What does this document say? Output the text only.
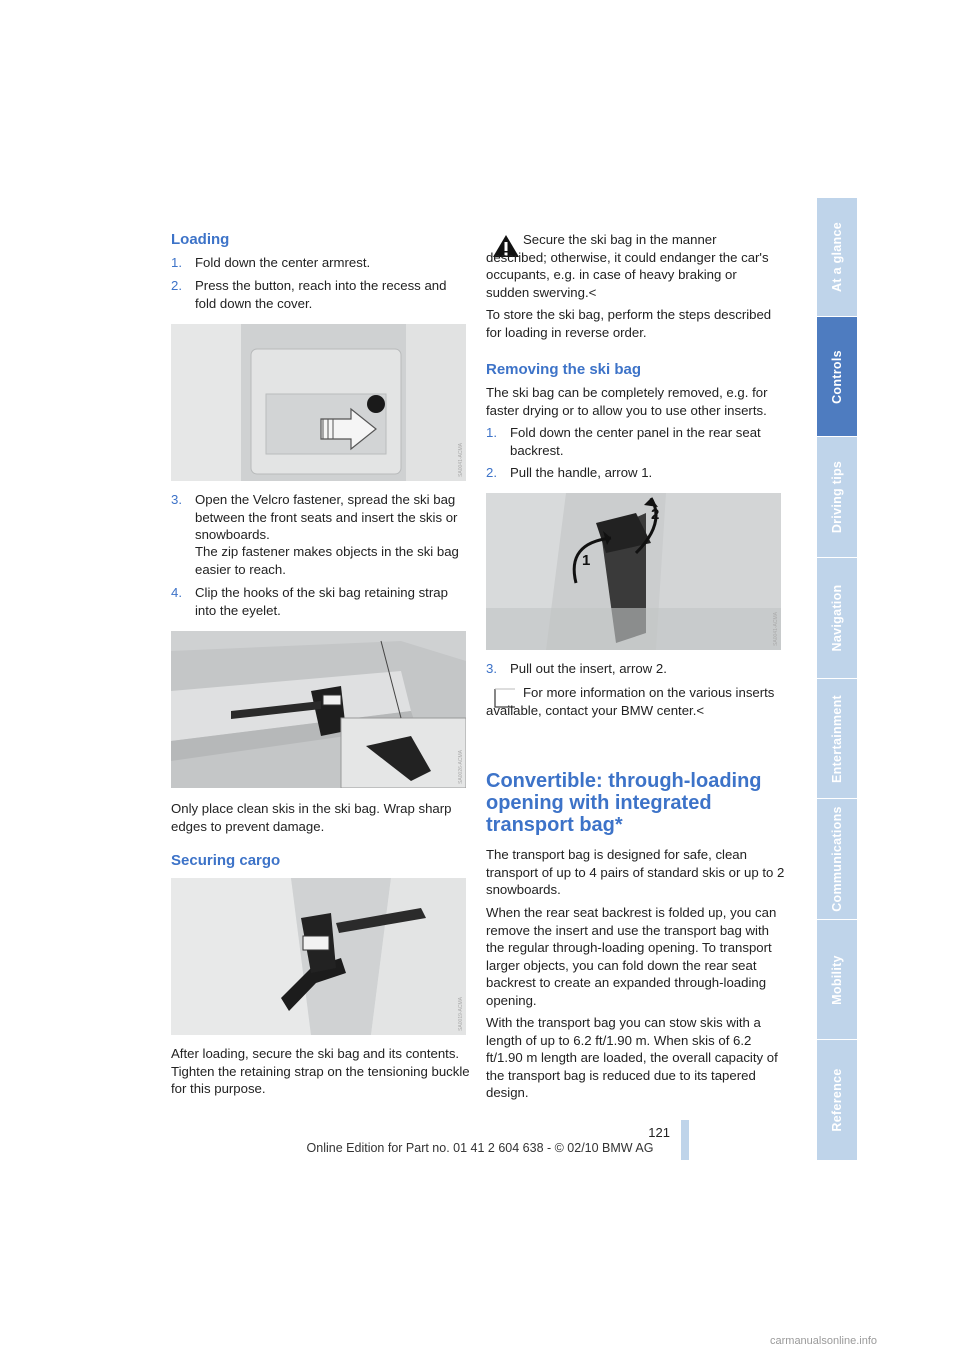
Loading
1. Fold down the center armrest.
2. Press the button, reach into the recess and fold down the cover.
SA0041-ACMA
3. Open the Velcro fastener, spread the ski bag between the front seats and insert the skis or snowboards.
The zip fastener makes objects in the ski bag easier to reach.
4. Clip the hooks of the ski bag retaining strap into the eyelet.
SA0026-ACMA

Only place clean skis in the ski bag. Wrap sharp edges to prevent damage.

Securing cargo
SA0019-ACMA

After loading, secure the ski bag and its contents. Tighten the retaining strap on the tensioning buckle for this purpose.

Secure the ski bag in the manner described; otherwise, it could endanger the car's occupants, e.g. in case of heavy braking or sudden swerving.<

To store the ski bag, perform the steps described for loading in reverse order.

Removing the ski bag

The ski bag can be completely removed, e.g. for faster drying or to allow you to use other inserts.

1. Fold down the center panel in the rear seat backrest.
2. Pull the handle, arrow 1.
1
2
SA0041-ACMA
3. Pull out the insert, arrow 2.

For more information on the various inserts available, contact your BMW center.<

Convertible: through-loading opening with integrated transport bag*

The transport bag is designed for safe, clean transport of up to 4 pairs of standard skis or up to 2 snowboards.

When the rear seat backrest is folded up, you can remove the insert and use the transport bag with the regular through-loading opening. To transport larger objects, you can fold down the rear seat backrest to create an expanded through-loading opening.

With the transport bag you can stow skis with a length of up to 6.2 ft/1.90 m. When skis of 6.2 ft/1.90 m length are loaded, the overall capacity of the transport bag is reduced due to its tapered design.

At a glance
Controls
Driving tips
Navigation
Entertainment
Communications
Mobility
Reference
121
Online Edition for Part no. 01 41 2 604 638 - © 02/10 BMW AG
carmanualsonline.info
